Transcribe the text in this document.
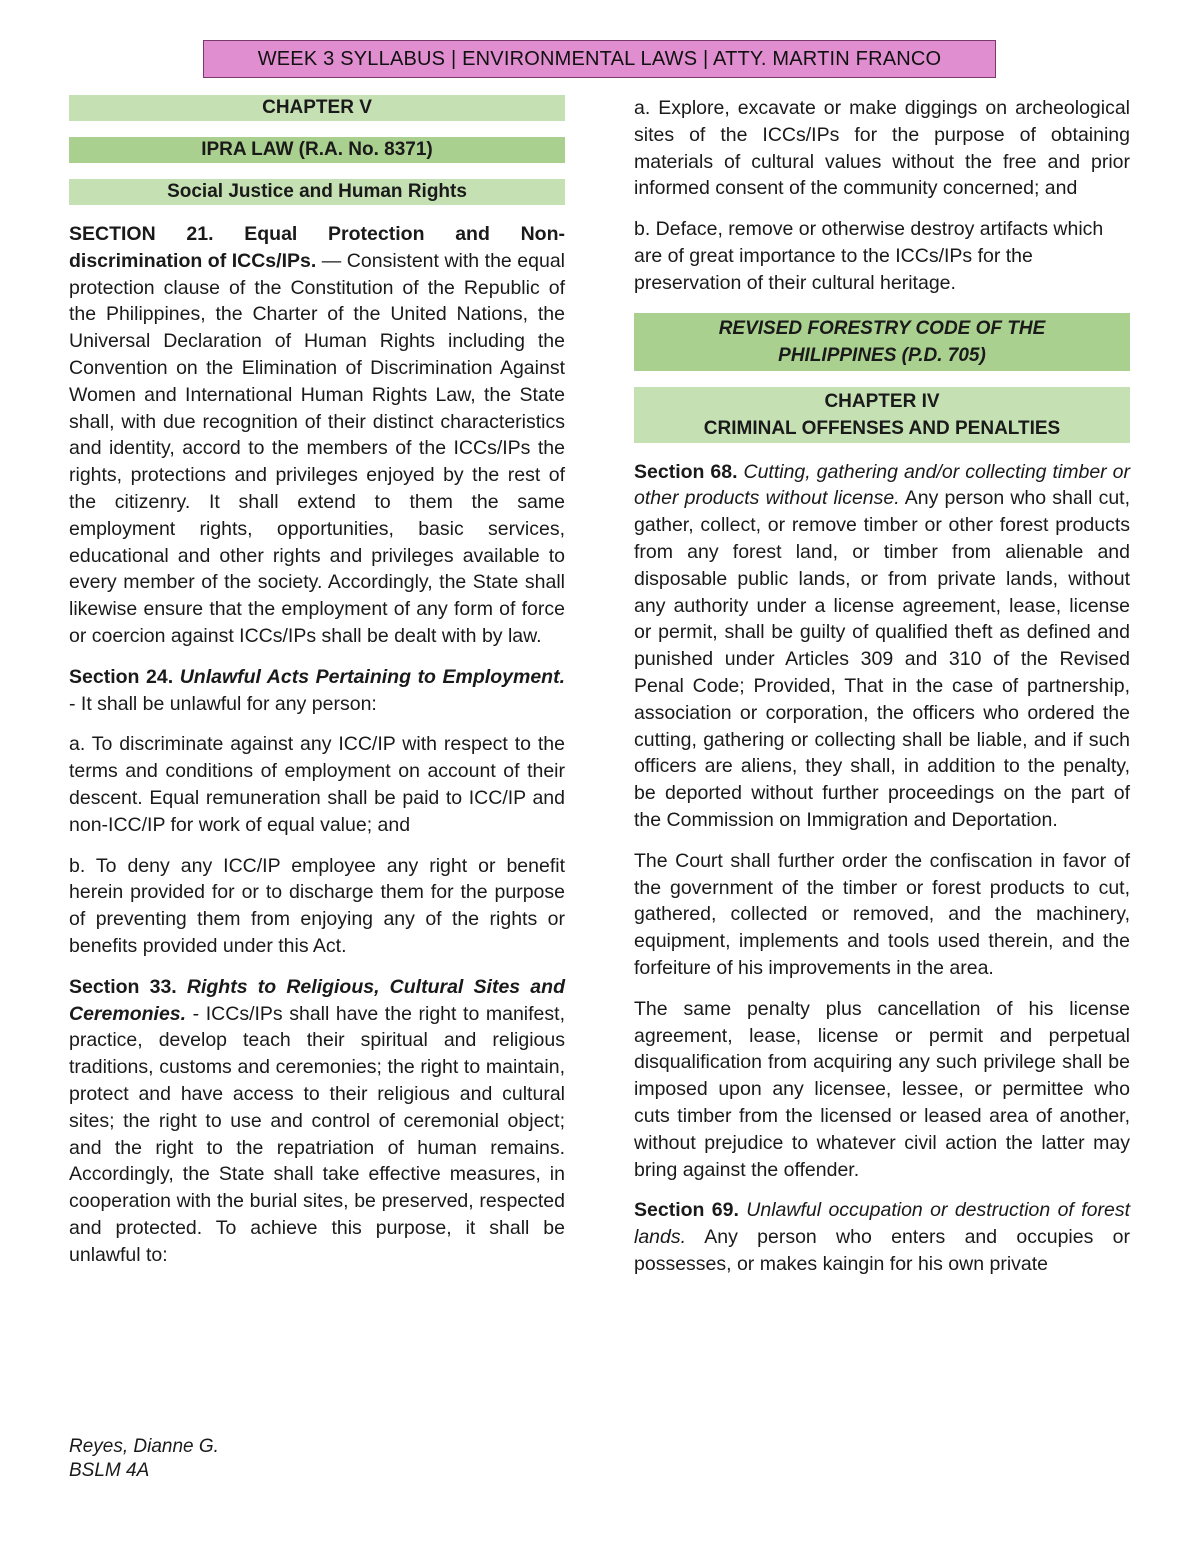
WEEK 3 SYLLABUS | ENVIRONMENTAL LAWS | ATTY. MARTIN FRANCO
CHAPTER V
IPRA LAW (R.A. No. 8371)
Social Justice and Human Rights

SECTION 21. Equal Protection and Non-discrimination of ICCs/IPs. — Consistent with the equal protection clause of the Constitution of the Republic of the Philippines, the Charter of the United Nations, the Universal Declaration of Human Rights including the Convention on the Elimination of Discrimination Against Women and International Human Rights Law, the State shall, with due recognition of their distinct characteristics and identity, accord to the members of the ICCs/IPs the rights, protections and privileges enjoyed by the rest of the citizenry. It shall extend to them the same employment rights, opportunities, basic services, educational and other rights and privileges available to every member of the society. Accordingly, the State shall likewise ensure that the employment of any form of force or coercion against ICCs/IPs shall be dealt with by law.

Section 24. Unlawful Acts Pertaining to Employment. - It shall be unlawful for any person:

a. To discriminate against any ICC/IP with respect to the terms and conditions of employment on account of their descent. Equal remuneration shall be paid to ICC/IP and non-ICC/IP for work of equal value; and

b. To deny any ICC/IP employee any right or benefit herein provided for or to discharge them for the purpose of preventing them from enjoying any of the rights or benefits provided under this Act.

Section 33. Rights to Religious, Cultural Sites and Ceremonies. - ICCs/IPs shall have the right to manifest, practice, develop teach their spiritual and religious traditions, customs and ceremonies; the right to maintain, protect and have access to their religious and cultural sites; the right to use and control of ceremonial object; and the right to the repatriation of human remains. Accordingly, the State shall take effective measures, in cooperation with the burial sites, be preserved, respected and protected. To achieve this purpose, it shall be unlawful to:

a. Explore, excavate or make diggings on archeological sites of the ICCs/IPs for the purpose of obtaining materials of cultural values without the free and prior informed consent of the community concerned; and

b. Deface, remove or otherwise destroy artifacts which are of great importance to the ICCs/IPs for the preservation of their cultural heritage.

REVISED FORESTRY CODE OF THE
PHILIPPINES (P.D. 705)
CHAPTER IV
CRIMINAL OFFENSES AND PENALTIES

Section 68. Cutting, gathering and/or collecting timber or other products without license. Any person who shall cut, gather, collect, or remove timber or other forest products from any forest land, or timber from alienable and disposable public lands, or from private lands, without any authority under a license agreement, lease, license or permit, shall be guilty of qualified theft as defined and punished under Articles 309 and 310 of the Revised Penal Code; Provided, That in the case of partnership, association or corporation, the officers who ordered the cutting, gathering or collecting shall be liable, and if such officers are aliens, they shall, in addition to the penalty, be deported without further proceedings on the part of the Commission on Immigration and Deportation.

The Court shall further order the confiscation in favor of the government of the timber or forest products to cut, gathered, collected or removed, and the machinery, equipment, implements and tools used therein, and the forfeiture of his improvements in the area.

The same penalty plus cancellation of his license agreement, lease, license or permit and perpetual disqualification from acquiring any such privilege shall be imposed upon any licensee, lessee, or permittee who cuts timber from the licensed or leased area of another, without prejudice to whatever civil action the latter may bring against the offender.

Section 69. Unlawful occupation or destruction of forest lands. Any person who enters and occupies or possesses, or makes kaingin for his own private

Reyes, Dianne G.
BSLM 4A
